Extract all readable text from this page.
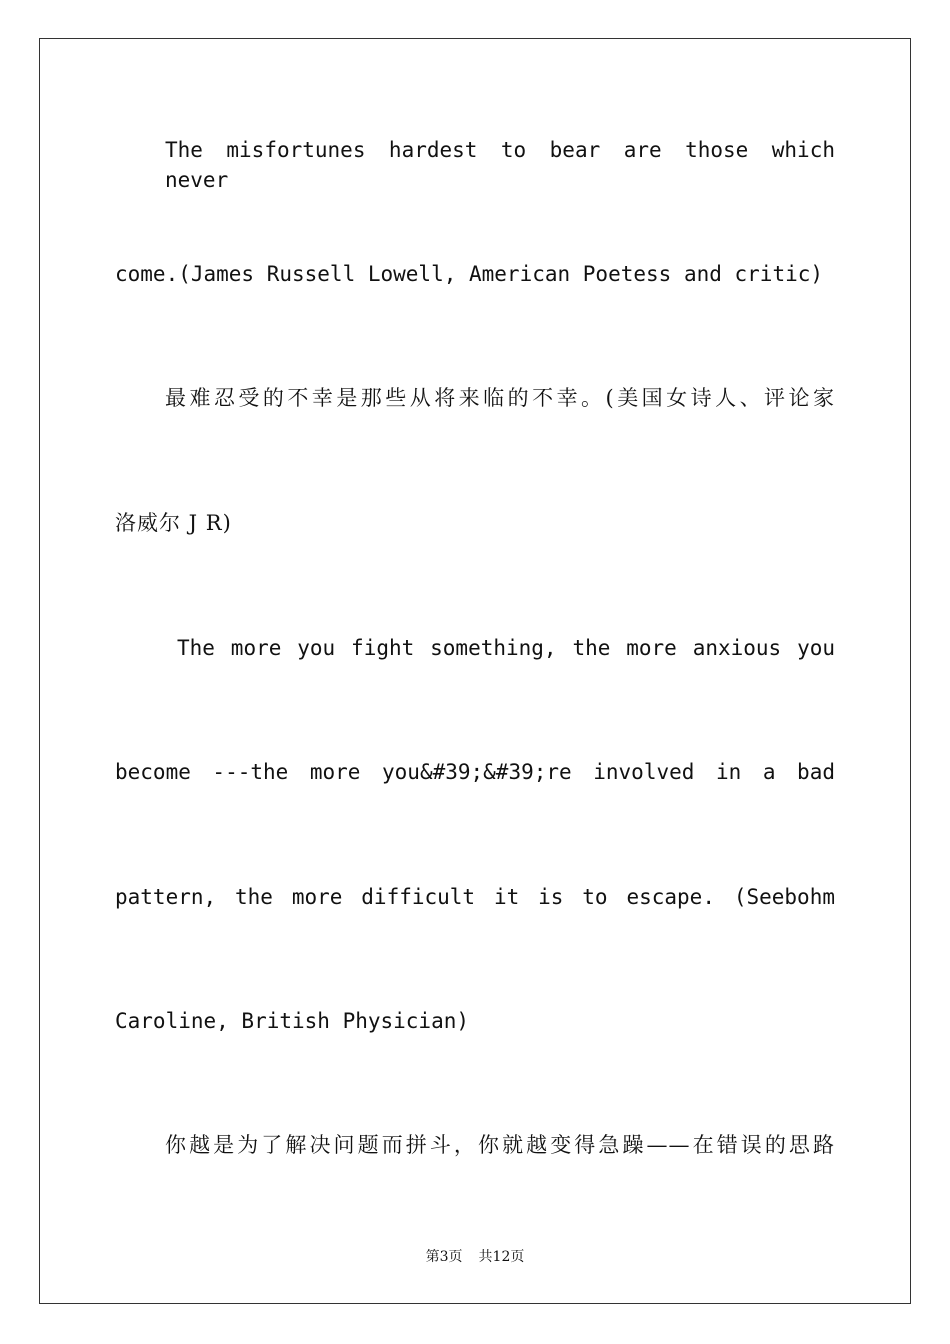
The misfortunes hardest to bear are those which never
come.(James Russell Lowell, American Poetess and critic)
最难忍受的不幸是那些从将来临的不幸。(美国女诗人、评论家
洛威尔 J R)
The more you fight something, the more anxious you
become ---the more you&#39;&#39;re involved in a bad
pattern, the more difficult it is to escape. (Seebohm
Caroline, British Physician)
你越是为了解决问题而拼斗，你就越变得急躁——在错误的思路
第3页 共12页
